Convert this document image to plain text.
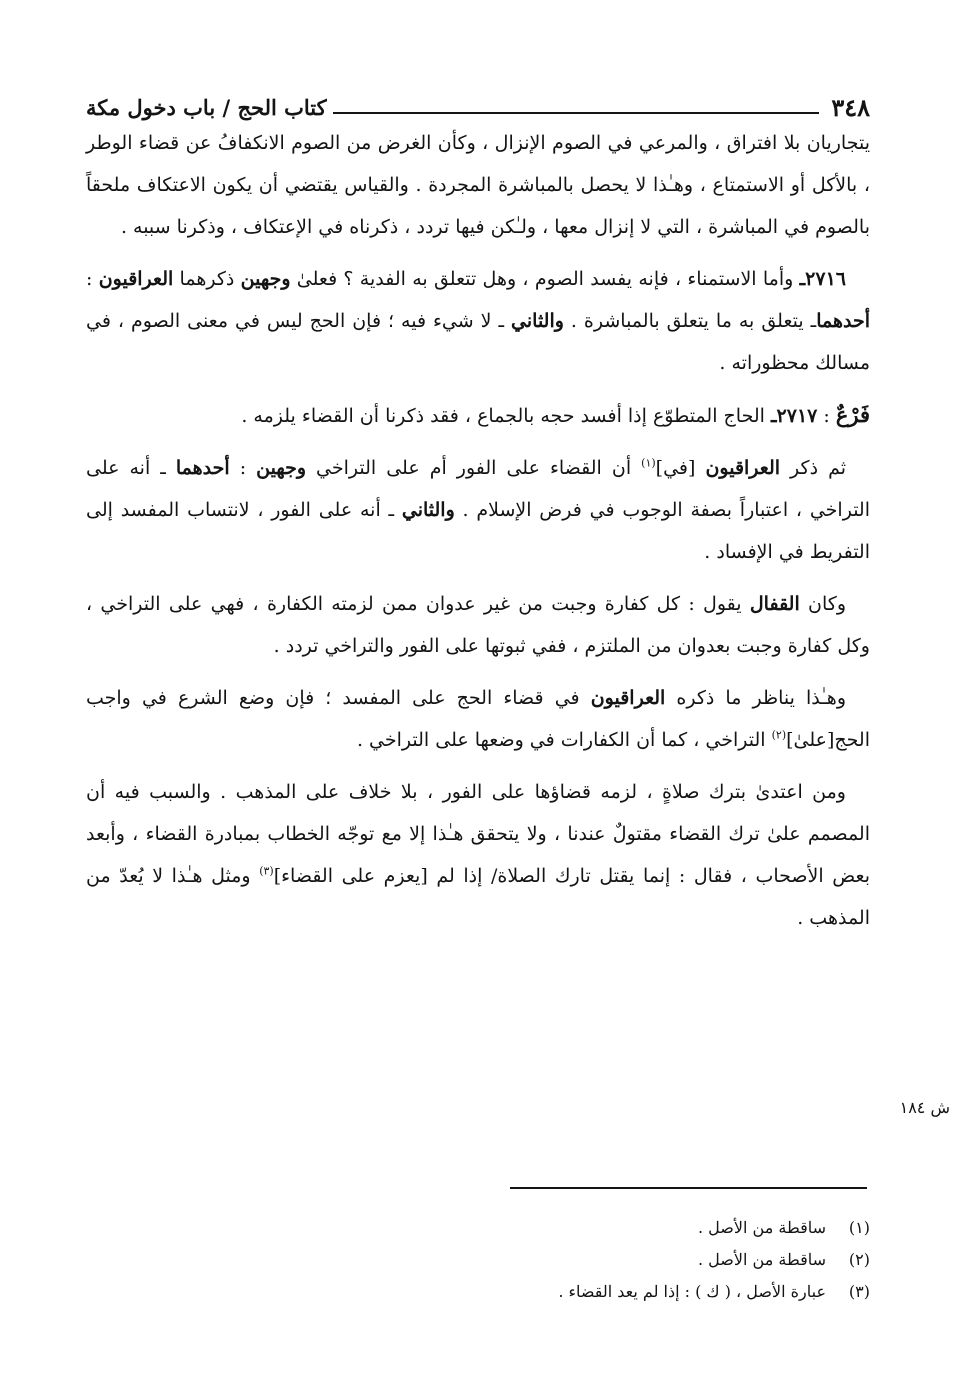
٣٤٨
كتاب الحج / باب دخول مكة

يتجاريان بلا افتراق ، والمرعي في الصوم الإنزال ، وكأن الغرض من الصوم الانكفافُ عن قضاء الوطر ، بالأكل أو الاستمتاع ، وهـٰذا لا يحصل بالمباشرة المجردة . والقياس يقتضي أن يكون الاعتكاف ملحقاً بالصوم في المباشرة ، التي لا إنزال معها ، ولـٰكن فيها تردد ، ذكرناه في الإعتكاف ، وذكرنا سببه .

٢٧١٦ـ وأما الاستمناء ، فإنه يفسد الصوم ، وهل تتعلق به الفدية ؟ فعلىٰ وجهين ذكرهما العراقيون : أحدهماـ يتعلق به ما يتعلق بالمباشرة . والثاني ـ لا شيء فيه ؛ فإن الحج ليس في معنى الصوم ، في مسالك محظوراته .

فَرْعٌ : ٢٧١٧ـ الحاج المتطوّع إذا أفسد حجه بالجماع ، فقد ذكرنا أن القضاء يلزمه .

ثم ذكر العراقيون [في]$^{(١)}$ أن القضاء على الفور أم على التراخي وجهين : أحدهما ـ أنه على التراخي ، اعتباراً بصفة الوجوب في فرض الإسلام . والثاني ـ أنه على الفور ، لانتساب المفسد إلى التفريط في الإفساد .

وكان القفال يقول : كل كفارة وجبت من غير عدوان ممن لزمته الكفارة ، فهي على التراخي ، وكل كفارة وجبت بعدوان من الملتزم ، ففي ثبوتها على الفور والتراخي تردد .

وهـٰذا يناظر ما ذكره العراقيون في قضاء الحج على المفسد ؛ فإن وضع الشرع في واجب الحج[علىٰ]$^{(٢)}$ التراخي ، كما أن الكفارات في وضعها على التراخي .

ومن اعتدىٰ بترك صلاةٍ ، لزمه قضاؤها على الفور ، بلا خلاف على المذهب . والسبب فيه أن المصمم علىٰ ترك القضاء مقتولٌ عندنا ، ولا يتحقق هـٰذا إلا مع توجّه الخطاب بمبادرة القضاء ، وأبعد بعض الأصحاب ، فقال : إنما يقتل تارك الصلاة/ إذا لم [يعزم على القضاء]$^{(٣)}$ ومثل هـٰذا لا يُعدّ من المذهب .

ش ١٨٤
(١)
ساقطة من الأصل .
(٢)
ساقطة من الأصل .
(٣)
عبارة الأصل ، ( ك ) : إذا لم يعد القضاء .
